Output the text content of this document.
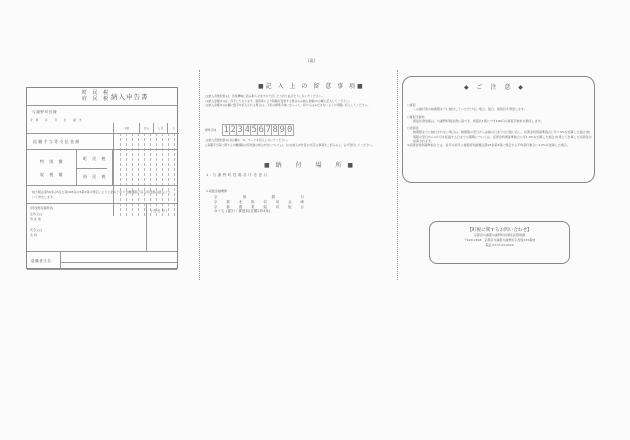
(裏)
町 民 税
府 民 税 納入申告書
与謝野町長様
令和 年 月 日 提出
千億	百万	人 員	人
退職手当等支払金額
特 別 徴
収 税 額
町 民 税
府 民 税
地方税法第50条の5及び第328条の5第2項の規定により上記のとおり分離課税に係る所得割の納入について申告します。
(特別徴収義務者)
住所又は
所 在 地
氏名又は
名 称
(受付印)
退職者氏名
■記 入 上 の 留 意 事 項■
○[納入書通知書]は、営業機械に読み取らせますので汚したり折り曲げたりしないでください。
○[納入金額(1)]は、印字してあります。過誤等により税額を変更する場合のみ納入金額(2)の欄に記入してください。
○[納入金額(2)]の欄に数字を記入される場合は、下記の標準字体にならって、枠からはみださないように明瞭に記入してください。
標準字体 1 2 3 4 5 6 7 8 9 0
○[納入書通知書]の余白欄に「¥」マークを記入しないでください。
○退職手当等に関する分離課税の所得割の納入申告については、左の[納入申告書]に所定の事項をご記入の上、必ず送付してください。
■納 付 場 所■
1.与謝野町役場各庁舎窓口
2.取扱金融機関
京	都	銀	行
京	都	北	都	信	用	金	庫
京	都	農	業	協	同	組	合
ゆうちょ銀行・郵便局(近畿2府4県)
◆ ご 注 意 ◆
○督促
この納付書の納期限までに納付していただけない場合、後日、督促状を発送します。
○督促手数料
督促状発送後は、与謝野町税条例に基づき、督促状1通につき100円の督促手数料を徴収します。
○延滞金
納期限までに納付されない場合は、納期限の翌日から完納の日までの日数に応じ、延滞金特例基準割合に年7.3%を加算した割合(納期限の翌日から1か月を経過する日までの期間については、延滞金特例基準割合に年1.0%を加算した割合)を乗じて計算した延滞金が加算されます。
※延滞金特例基準割合とは、各年の前年に租税特別措置法第93条第2項に規定する平均貸付割合に1.0%を加算した割合。
【町税に関するお問い合わせ】
京都府与謝郡与謝野町役場住民環境課
〒629-2498　京都府与謝郡与謝野町字加悦433番地
電話 0772-43-9020
